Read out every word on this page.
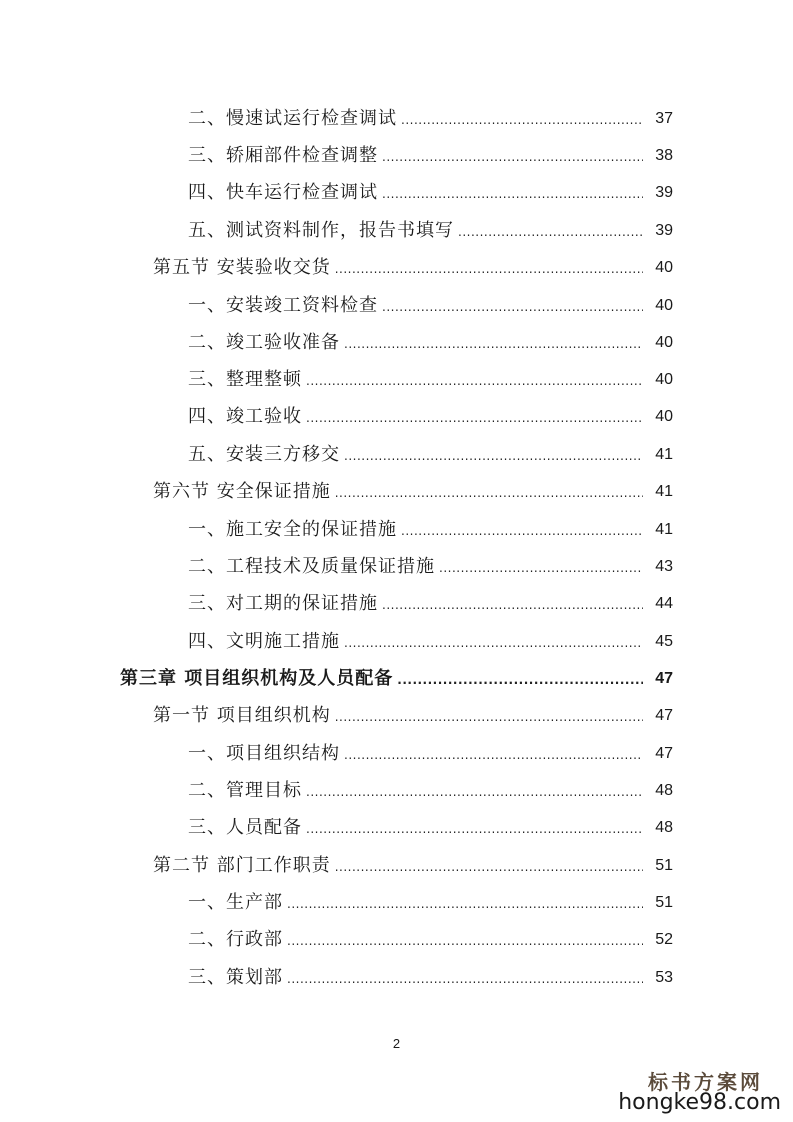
二、慢速试运行检查调试 .....	37
三、轿厢部件检查调整 .....	38
四、快车运行检查调试 .....	39
五、测试资料制作，报告书填写 .....	39
第五节 安装验收交货 .....	40
一、安装竣工资料检查 .....	40
二、竣工验收准备 .....	40
三、整理整顿 .....	40
四、竣工验收 .....	40
五、安装三方移交 .....	41
第六节 安全保证措施 .....	41
一、施工安全的保证措施 .....	41
二、工程技术及质量保证措施 .....	43
三、对工期的保证措施 .....	44
四、文明施工措施 .....	45
第三章 项目组织机构及人员配备 .....	47
第一节 项目组织机构 .....	47
一、项目组织结构 .....	47
二、管理目标 .....	48
三、人员配备 .....	48
第二节 部门工作职责 .....	51
一、生产部 .....	51
二、行政部 .....	52
三、策划部 .....	53
2
标书方案网
hongke98.com
